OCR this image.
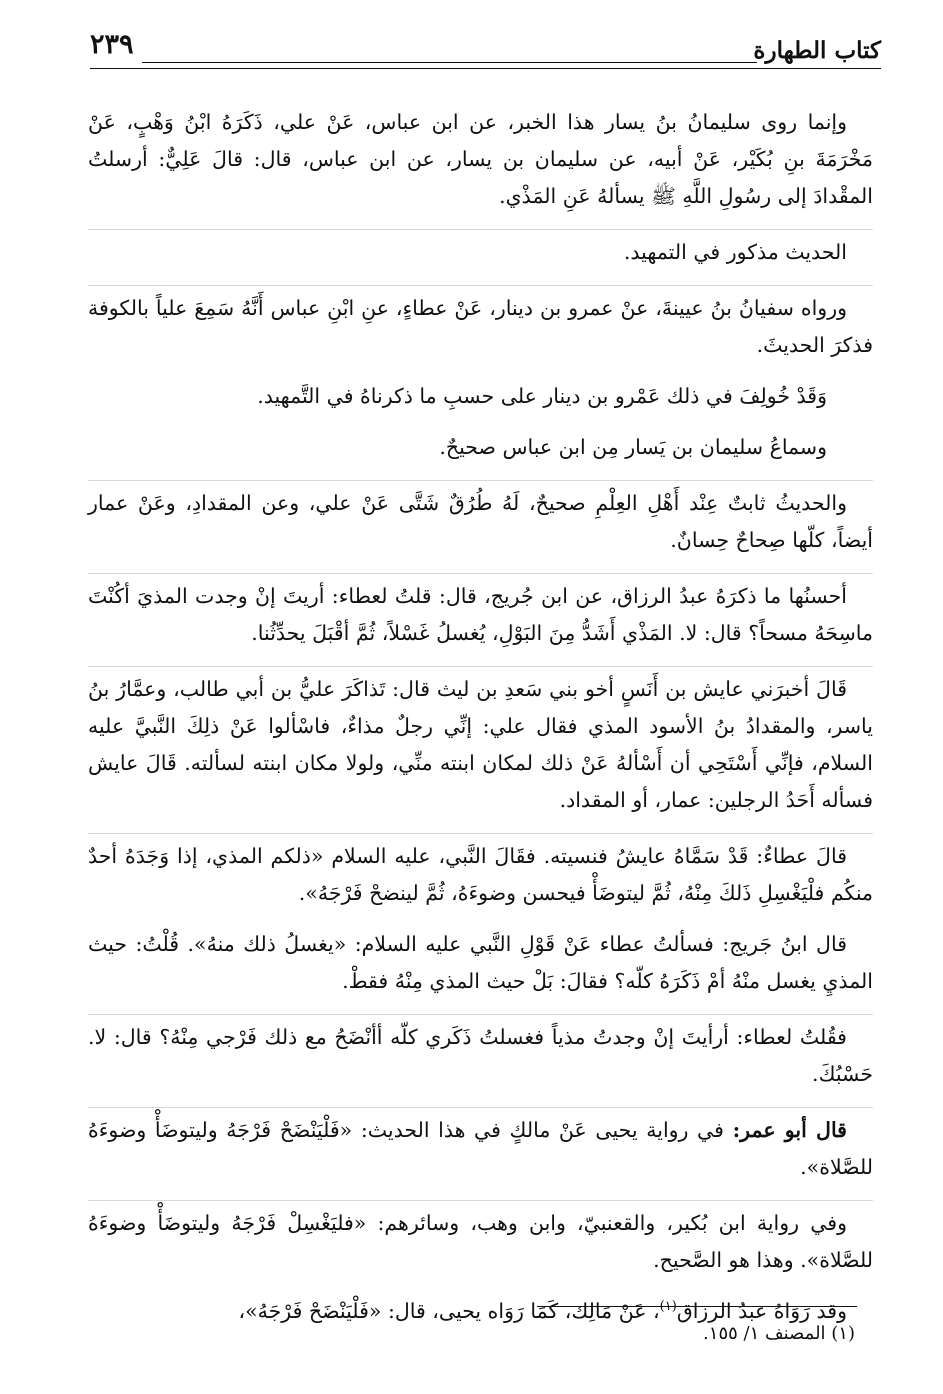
كتاب الطهارة
٢٣٩

وإنما روى سليمانُ بنُ يسار هذا الخبر، عن ابن عباس، عَنْ علي، ذَكَرَهُ ابْنُ وَهْبٍ، عَنْ مَخْرَمَةَ بنِ بُكَيْر، عَنْ أبيه، عن سليمان بن يسار، عن ابن عباس، قال: قالَ عَلِيٌّ: أرسلتُ المقْدادَ إلى رسُولِ اللَّهِ ﷺ يسألهُ عَنِ المَذْي.

الحديث مذكور في التمهيد.

ورواه سفيانُ بنُ عيينةَ، عنْ عمرو بن دينار، عَنْ عطاءٍ، عنِ ابْنِ عباس أَنَّهُ سَمِعَ علياً بالكوفة فذكرَ الحديثَ.

وَقَدْ خُولِفَ في ذلك عَمْرو بن دينار على حسبِ ما ذكرناهُ في التَّمهيد.

وسماعُ سليمان بن يَسار مِن ابن عباس صحيحٌ.

والحديثُ ثابتٌ عِنْد أَهْلِ العِلْمِ صحيحٌ، لَهُ طُرُقٌ شَتَّى عَنْ علي، وعن المقدادِ، وعَنْ عمار أيضاً، كلّها صِحاحٌ حِسانٌ.

أحسنُها ما ذكرَهُ عبدُ الرزاق، عن ابن جُريج، قال: قلتُ لعطاء: أريتَ إنْ وجدت المذيَ أكُنْتَ ماسِحَهُ مسحاً؟ قال: لا. المَذْي أَشَدُّ مِنَ البَوْلِ، يُغسلُ غَسْلاً، ثُمَّ أقْبَلَ يحدِّثُنا.

قَالَ أخبرَني عايش بن أَنَسٍ أخو بني سَعدِ بن ليث قال: تَذاكَرَ عليُّ بن أبي طالب، وعمَّارُ بنُ ياسر، والمقدادُ بنُ الأسود المذي فقال علي: إنِّي رجلٌ مذاءٌ، فاسْألوا عَنْ ذلِكَ النَّبيَّ عليه السلام، فإنِّي أَسْتَحِي أن أَسْألهُ عَنْ ذلك لمكان ابنته منِّي، ولولا مكان ابنته لسألته. قَالَ عايش فسأله أَحَدُ الرجلين: عمار، أو المقداد.

قالَ عطاءٌ: قَدْ سَمَّاهُ عايشُ فنسيته. فقَالَ النَّبي، عليه السلام «ذلكم المذي، إذا وَجَدَهُ أحدٌ منكُم فلْيَغْسِلِ ذَلكَ مِنْهُ، ثُمَّ ليتوضَأْ فيحسن وضوءَهُ، ثُمَّ لينضحْ فَرْجَهُ».

قال ابنُ جَريج: فسألتُ عطاء عَنْ قَوْلِ النَّبي عليه السلام: «يغسلُ ذلك منهُ». قُلْتُ: حيث المذيِ يغسل منْهُ أمْ ذَكَرَهُ كلّه؟ فقالَ: بَلْ حيث المذي مِنْهُ فقطْ.

فقُلتُ لعطاء: أرأيتَ إنْ وجدتُ مذياً فغسلتُ ذَكَري كلّه أأنْضَحُ مع ذلك فَرْجي مِنْهُ؟ قال: لا. حَسْبُكَ.

قال أبو عمر: في رواية يحيى عَنْ مالكٍ في هذا الحديث: «فَلْيَنْضَحْ فَرْجَهُ وليتوضَأْ وضوءَهُ للصَّلاة».

وفي رواية ابن بُكير، والقعنبيّ، وابن وهب، وسائرهم: «فليَغْسِلْ فَرْجَهُ وليتوضَأْ وضوءَهُ للصَّلاة». وهذا هو الصَّحيح.

وقد رَوَاهُ عبدُ الرزاق$^{(١)}$، عَنْ مَالِك، كَمَا رَوَاه يحيى، قال: «فَلْيَنْضَحْ فَرْجَهُ»،

(١) المصنف ١/ ١٥٥.
